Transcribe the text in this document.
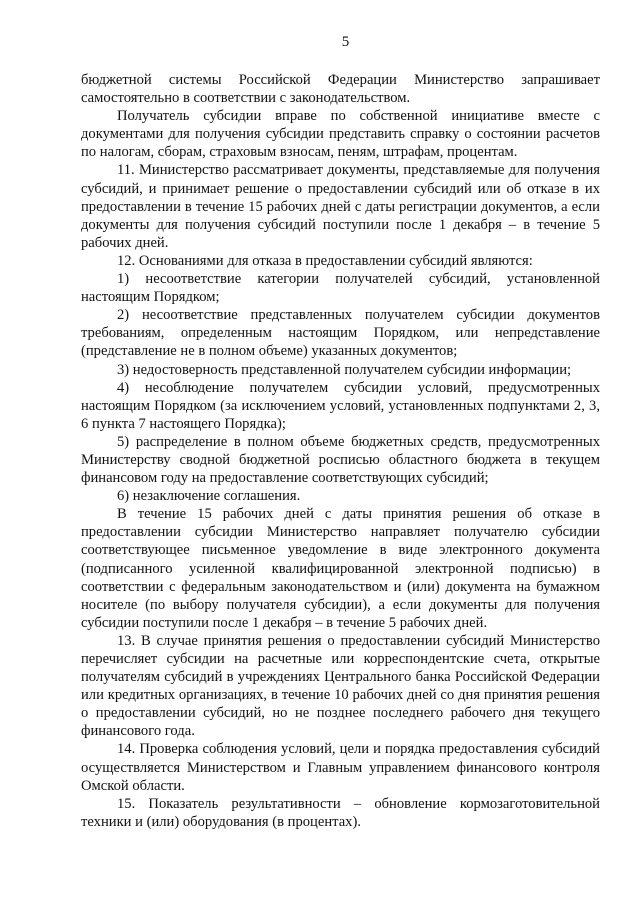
5

бюджетной системы Российской Федерации Министерство запрашивает самостоятельно в соответствии с законодательством.

Получатель субсидии вправе по собственной инициативе вместе с документами для получения субсидии представить справку о состоянии расчетов по налогам, сборам, страховым взносам, пеням, штрафам, процентам.

11. Министерство рассматривает документы, представляемые для получения субсидий, и принимает решение о предоставлении субсидий или об отказе в их предоставлении в течение 15 рабочих дней с даты регистрации документов, а если документы для получения субсидий поступили после 1 декабря – в течение 5 рабочих дней.

12. Основаниями для отказа в предоставлении субсидий являются:

1) несоответствие категории получателей субсидий, установленной настоящим Порядком;

2) несоответствие представленных получателем субсидии документов требованиям, определенным настоящим Порядком, или непредставление (представление не в полном объеме) указанных документов;

3) недостоверность представленной получателем субсидии информации;

4) несоблюдение получателем субсидии условий, предусмотренных настоящим Порядком (за исключением условий, установленных подпунктами 2, 3, 6 пункта 7 настоящего Порядка);

5) распределение в полном объеме бюджетных средств, предусмотренных Министерству сводной бюджетной росписью областного бюджета в текущем финансовом году на предоставление соответствующих субсидий;

6) незаключение соглашения.

В течение 15 рабочих дней с даты принятия решения об отказе в предоставлении субсидии Министерство направляет получателю субсидии соответствующее письменное уведомление в виде электронного документа (подписанного усиленной квалифицированной электронной подписью) в соответствии с федеральным законодательством и (или) документа на бумажном носителе (по выбору получателя субсидии), а если документы для получения субсидии поступили после 1 декабря – в течение 5 рабочих дней.

13. В случае принятия решения о предоставлении субсидий Министерство перечисляет субсидии на расчетные или корреспондентские счета, открытые получателям субсидий в учреждениях Центрального банка Российской Федерации или кредитных организациях, в течение 10 рабочих дней со дня принятия решения о предоставлении субсидий, но не позднее последнего рабочего дня текущего финансового года.

14. Проверка соблюдения условий, цели и порядка предоставления субсидий осуществляется Министерством и Главным управлением финансового контроля Омской области.

15. Показатель результативности – обновление кормозаготовительной техники и (или) оборудования (в процентах).
